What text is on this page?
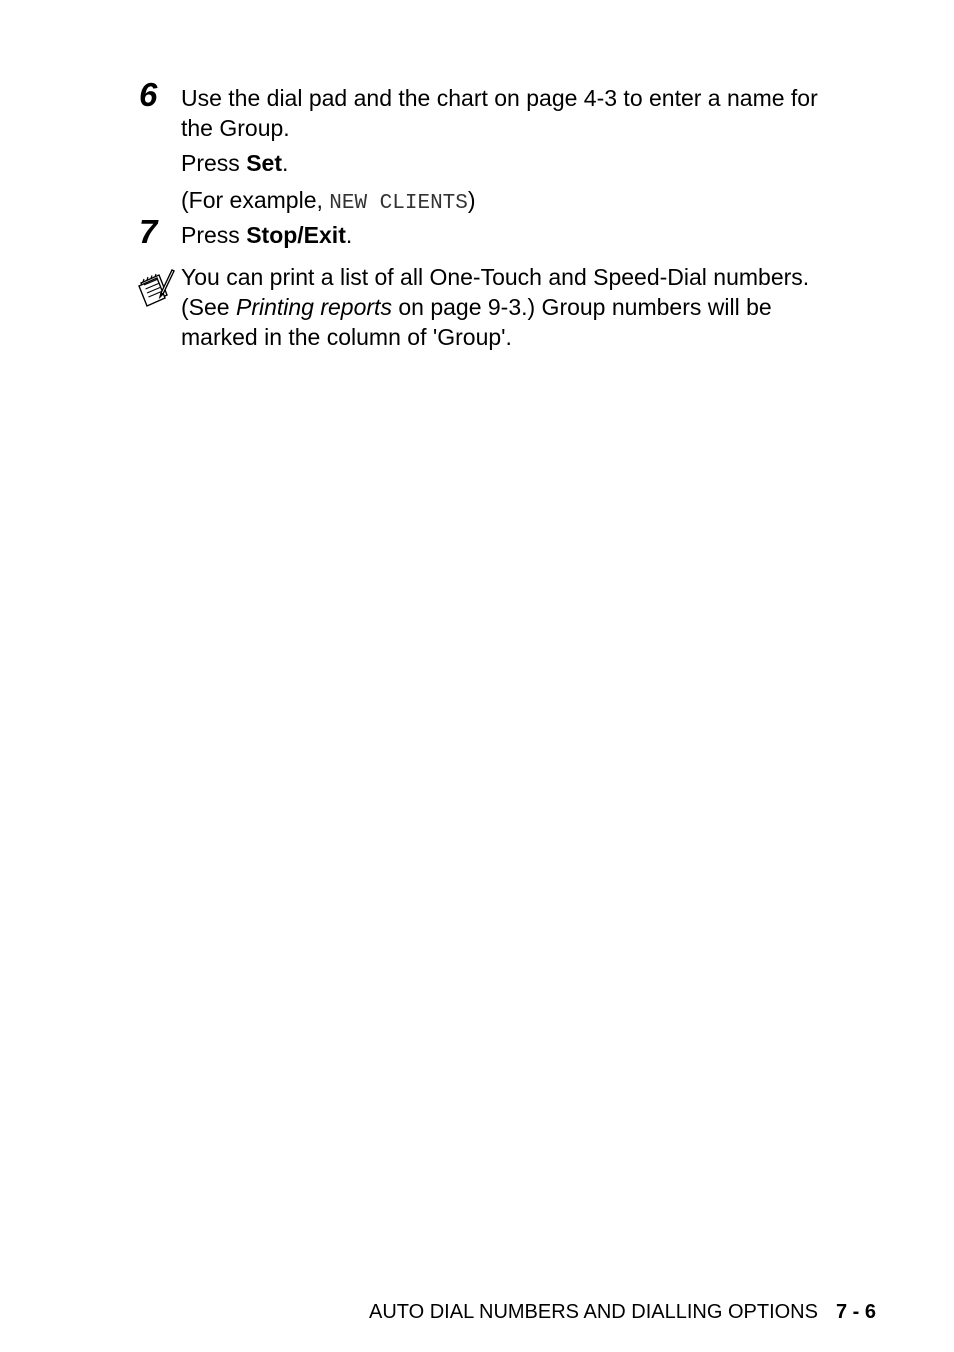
6 Use the dial pad and the chart on page 4-3 to enter a name for
the Group.
Press Set.
(For example, NEW CLIENTS)
7 Press Stop/Exit.
You can print a list of all One-Touch and Speed-Dial numbers.
(See Printing reports on page 9-3.) Group numbers will be
marked in the column of 'Group'.
AUTO DIAL NUMBERS AND DIALLING OPTIONS 7 - 6
